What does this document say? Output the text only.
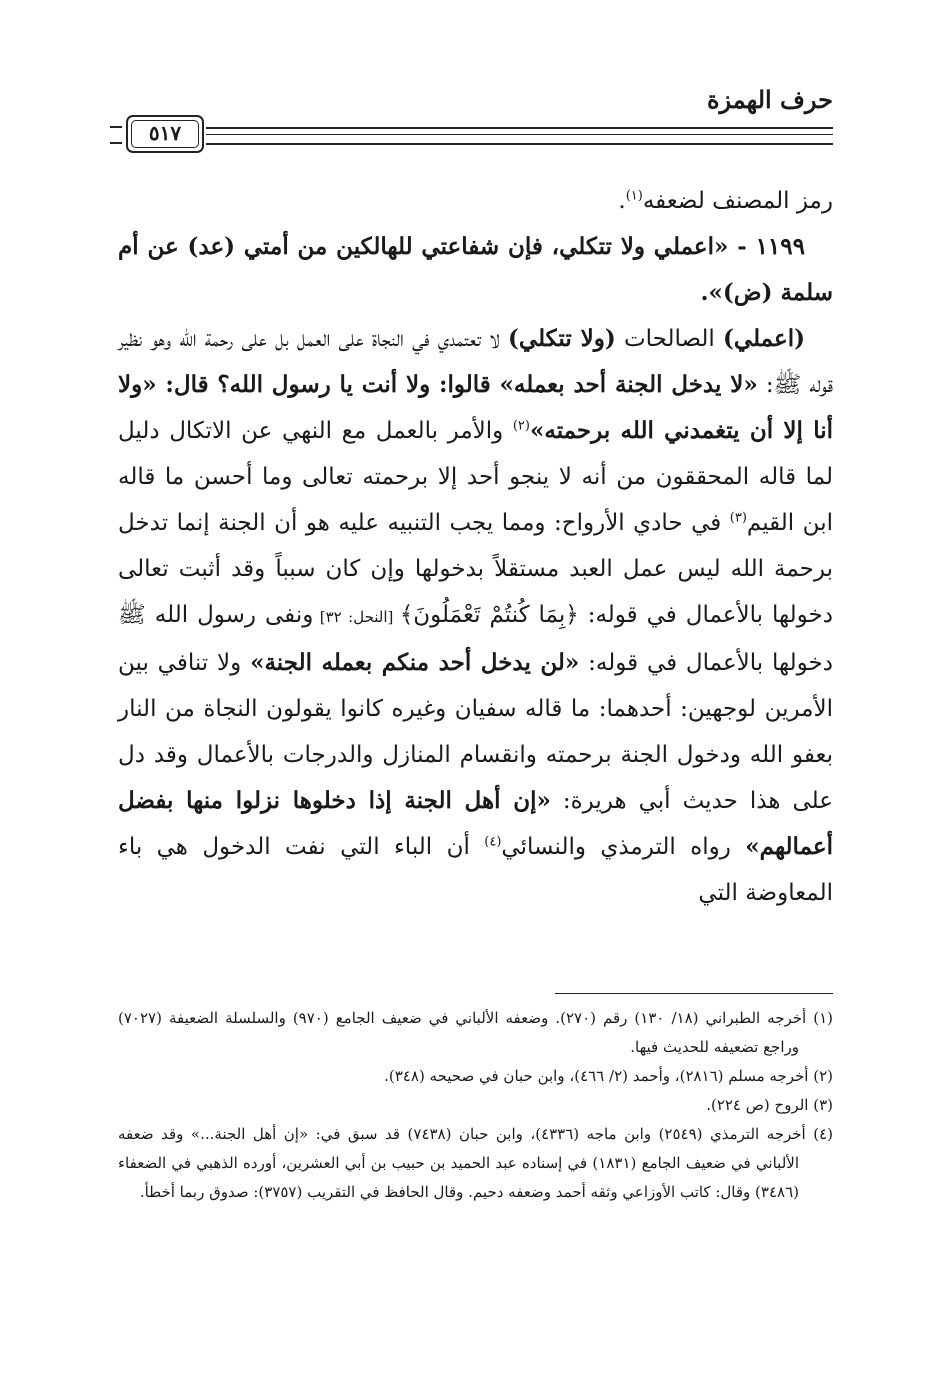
حرف الهمزة
٥١٧

رمز المصنف لضعفه$^{(١)}$.

١١٩٩ - «اعملي ولا تتكلي، فإن شفاعتي للهالكين من أمتي (عد) عن أم سلمة (ض)».

(اعملي) الصالحات (ولا تتكلي) لا تعتمدي في النجاة على العمل بل على رحمة الله وهو نظير قوله ﷺ: «لا يدخل الجنة أحد بعمله» قالوا: ولا أنت يا رسول الله؟ قال: «ولا أنا إلا أن يتغمدني الله برحمته»$^{(٢)}$ والأمر بالعمل مع النهي عن الاتكال دليل لما قاله المحققون من أنه لا ينجو أحد إلا برحمته تعالى وما أحسن ما قاله ابن القيم$^{(٣)}$ في حادي الأرواح: ومما يجب التنبيه عليه هو أن الجنة إنما تدخل برحمة الله ليس عمل العبد مستقلاً بدخولها وإن كان سبباً وقد أثبت تعالى دخولها بالأعمال في قوله: ﴿بِمَا كُنتُمْ تَعْمَلُونَ﴾ [النحل: ٣٢] ونفى رسول الله ﷺ دخولها بالأعمال في قوله: «لن يدخل أحد منكم بعمله الجنة» ولا تنافي بين الأمرين لوجهين: أحدهما: ما قاله سفيان وغيره كانوا يقولون النجاة من النار بعفو الله ودخول الجنة برحمته وانقسام المنازل والدرجات بالأعمال وقد دل على هذا حديث أبي هريرة: «إن أهل الجنة إذا دخلوها نزلوا منها بفضل أعمالهم» رواه الترمذي والنسائي$^{(٤)}$ أن الباء التي نفت الدخول هي باء المعاوضة التي

(١) أخرجه الطبراني (١٨/ ١٣٠) رقم (٢٧٠). وضعفه الألباني في ضعيف الجامع (٩٧٠) والسلسلة الضعيفة (٧٠٢٧) وراجع تضعيفه للحديث فيها.

(٢) أخرجه مسلم (٢٨١٦)، وأحمد (٢/ ٤٦٦)، وابن حبان في صحيحه (٣٤٨).

(٣) الروح (ص ٢٢٤).

(٤) أخرجه الترمذي (٢٥٤٩) وابن ماجه (٤٣٣٦)، وابن حبان (٧٤٣٨) قد سبق في: «إن أهل الجنة...» وقد ضعفه الألباني في ضعيف الجامع (١٨٣١) في إسناده عبد الحميد بن حبيب بن أبي العشرين، أورده الذهبي في الضعفاء (٣٤٨٦) وقال: كاتب الأوزاعي وثقه أحمد وضعفه دحيم. وقال الحافظ في التقريب (٣٧٥٧): صدوق ربما أخطأ.
